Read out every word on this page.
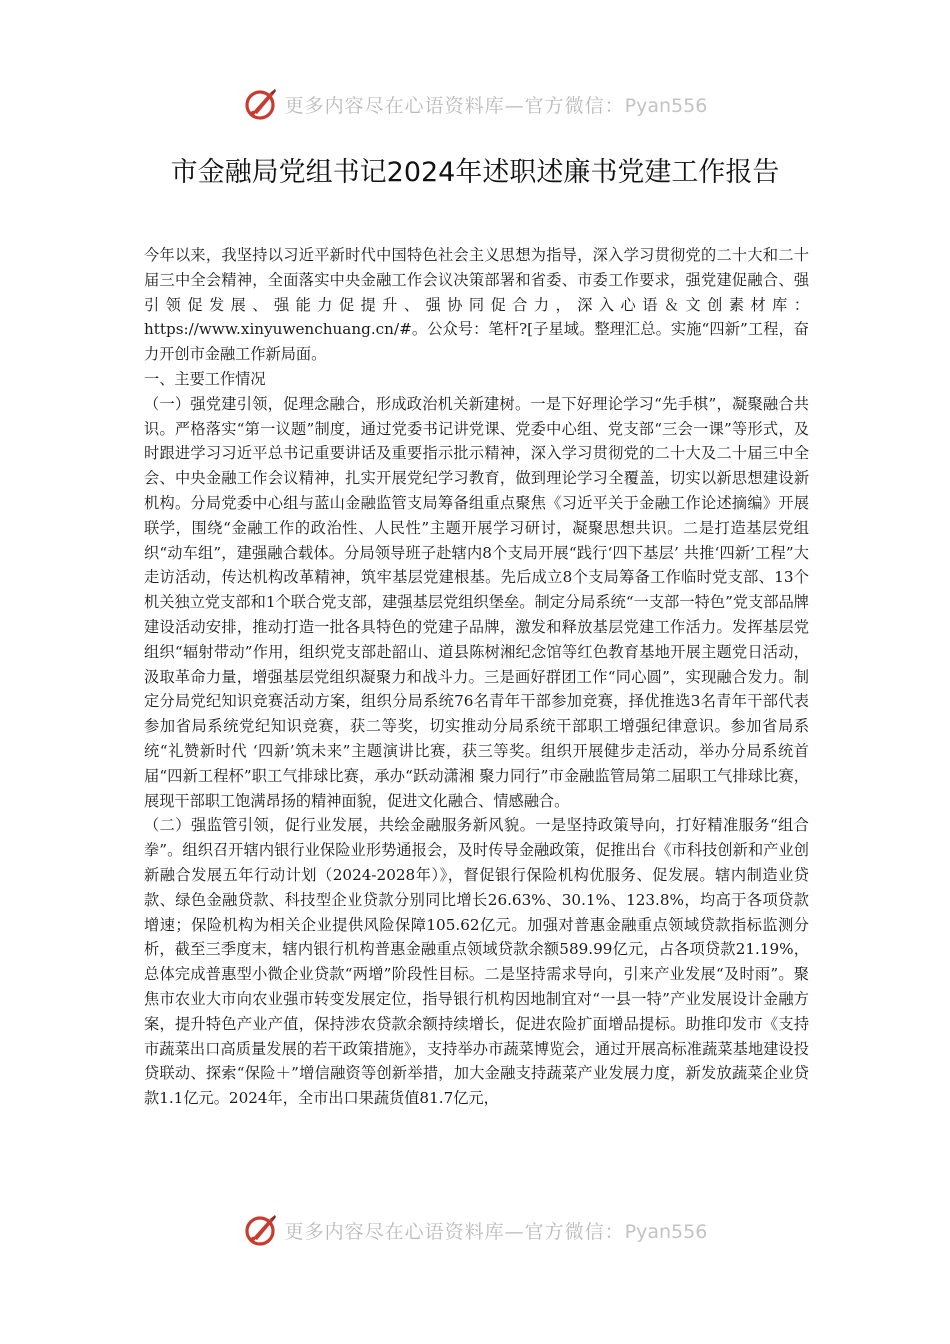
更多内容尽在心语资料库—官方微信：Pyan556
市金融局党组书记2024年述职述廉书党建工作报告

今年以来，我坚持以习近平新时代中国特色社会主义思想为指导，深入学习贯彻党的二十大和二十届三中全会精神，全面落实中央金融工作会议决策部署和省委、市委工作要求，强党建促融合、强引领促发展、强能力促提升、强协同促合力，深入心语＆文创素材库：https://www.xinyuwenchuang.cn/#。公众号：笔杆?[子星域。整理汇总。实施“四新”工程，奋力开创市金融工作新局面。

一、主要工作情况

（一）强党建引领，促理念融合，形成政治机关新建树。一是下好理论学习“先手棋”，凝聚融合共识。严格落实“第一议题”制度，通过党委书记讲党课、党委中心组、党支部“三会一课”等形式，及时跟进学习习近平总书记重要讲话及重要指示批示精神，深入学习贯彻党的二十大及二十届三中全会、中央金融工作会议精神，扎实开展党纪学习教育，做到理论学习全覆盖，切实以新思想建设新机构。分局党委中心组与蓝山金融监管支局筹备组重点聚焦《习近平关于金融工作论述摘编》开展联学，围绕“金融工作的政治性、人民性”主题开展学习研讨，凝聚思想共识。二是打造基层党组织“动车组”，建强融合载体。分局领导班子赴辖内8个支局开展“践行‘四下基层’ 共推‘四新’工程”大走访活动，传达机构改革精神，筑牢基层党建根基。先后成立8个支局筹备工作临时党支部、13个机关独立党支部和1个联合党支部，建强基层党组织堡垒。制定分局系统“一支部一特色”党支部品牌建设活动安排，推动打造一批各具特色的党建子品牌，激发和释放基层党建工作活力。发挥基层党组织“辐射带动”作用，组织党支部赴韶山、道县陈树湘纪念馆等红色教育基地开展主题党日活动，汲取革命力量，增强基层党组织凝聚力和战斗力。三是画好群团工作“同心圆”，实现融合发力。制定分局党纪知识竞赛活动方案，组织分局系统76名青年干部参加竞赛，择优推选3名青年干部代表参加省局系统党纪知识竞赛，获二等奖，切实推动分局系统干部职工增强纪律意识。参加省局系统“礼赞新时代 ‘四新’筑未来”主题演讲比赛，获三等奖。组织开展健步走活动，举办分局系统首届“四新工程杯”职工气排球比赛，承办“跃动潇湘 聚力同行”市金融监管局第二届职工气排球比赛，展现干部职工饱满昂扬的精神面貌，促进文化融合、情感融合。

（二）强监管引领，促行业发展，共绘金融服务新风貌。一是坚持政策导向，打好精准服务“组合拳”。组织召开辖内银行业保险业形势通报会，及时传导金融政策，促推出台《市科技创新和产业创新融合发展五年行动计划（2024-2028年）》，督促银行保险机构优服务、促发展。辖内制造业贷款、绿色金融贷款、科技型企业贷款分别同比增长26.63%、30.1%、123.8%，均高于各项贷款增速；保险机构为相关企业提供风险保障105.62亿元。加强对普惠金融重点领域贷款指标监测分析，截至三季度末，辖内银行机构普惠金融重点领域贷款余额589.99亿元，占各项贷款21.19%，总体完成普惠型小微企业贷款“两增”阶段性目标。二是坚持需求导向，引来产业发展“及时雨”。聚焦市农业大市向农业强市转变发展定位，指导银行机构因地制宜对“一县一特”产业发展设计金融方案，提升特色产业产值，保持涉农贷款余额持续增长，促进农险扩面增品提标。助推印发市《支持市蔬菜出口高质量发展的若干政策措施》，支持举办市蔬菜博览会，通过开展高标准蔬菜基地建设投贷联动、探索“保险＋”增信融资等创新举措，加大金融支持蔬菜产业发展力度，新发放蔬菜企业贷款1.1亿元。2024年，全市出口果蔬货值81.7亿元，

更多内容尽在心语资料库—官方微信：Pyan556
